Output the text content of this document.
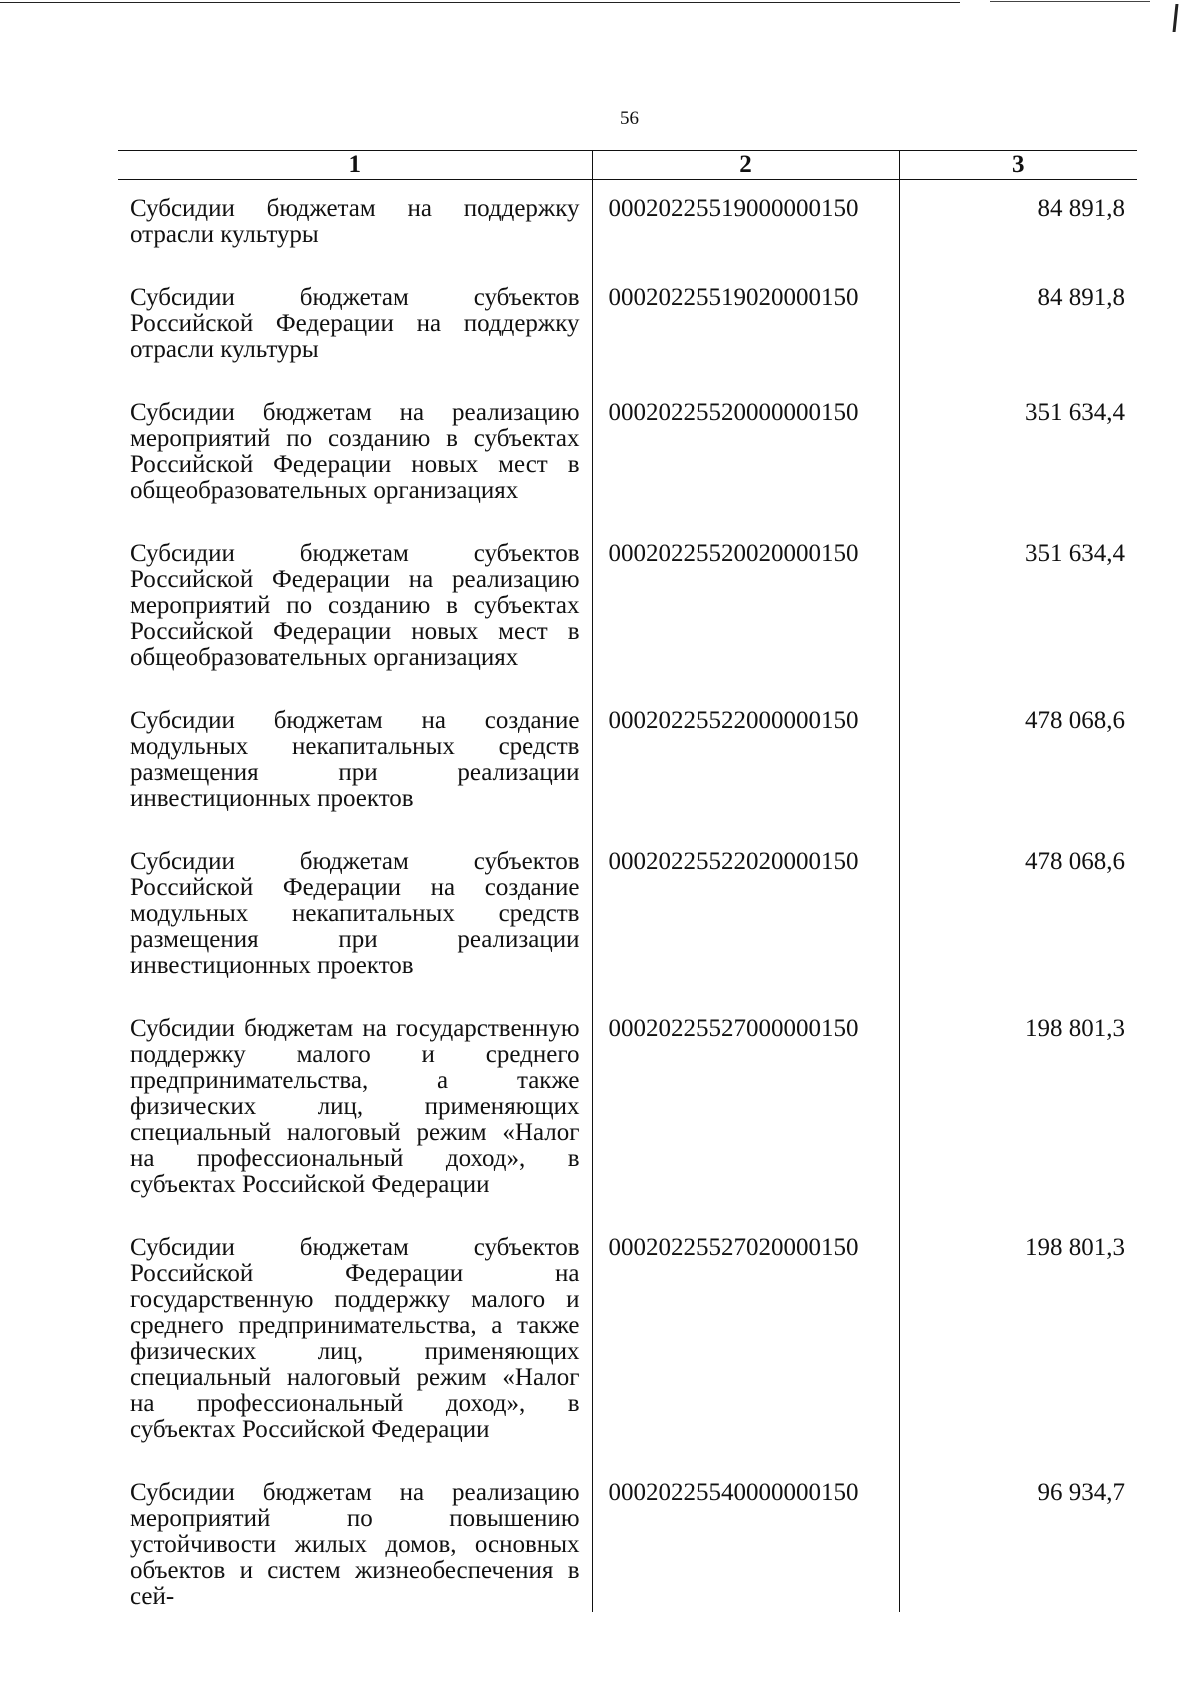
56
1	2	3
Субсидии бюджетам на поддержку отрасли культуры	00020225519000000150	84 891,8
Субсидии бюджетам субъектов Российской Федерации на поддержку отрасли культуры	00020225519020000150	84 891,8
Субсидии бюджетам на реализацию мероприятий по созданию в субъектах Российской Федерации новых мест в общеобразовательных организациях	00020225520000000150	351 634,4
Субсидии бюджетам субъектов Российской Федерации на реализацию мероприятий по созданию в субъектах Российской Федерации новых мест в общеобразовательных организациях	00020225520020000150	351 634,4
Субсидии бюджетам на создание модульных некапитальных средств размещения при реализации инвестиционных проектов	00020225522000000150	478 068,6
Субсидии бюджетам субъектов Российской Федерации на создание модульных некапитальных средств размещения при реализации инвестиционных проектов	00020225522020000150	478 068,6
Субсидии бюджетам на государственную поддержку малого и среднего предпринимательства, а также физических лиц, применяющих специальный налоговый режим «Налог на профессиональный доход», в субъектах Российской Федерации	00020225527000000150	198 801,3
Субсидии бюджетам субъектов Российской Федерации на государственную поддержку малого и среднего предпринимательства, а также физических лиц, применяющих специальный налоговый режим «Налог на профессиональный доход», в субъектах Российской Федерации	00020225527020000150	198 801,3
Субсидии бюджетам на реализацию мероприятий по повышению устойчивости жилых домов, основных объектов и систем жизнеобеспечения в сей-	00020225540000000150	96 934,7
